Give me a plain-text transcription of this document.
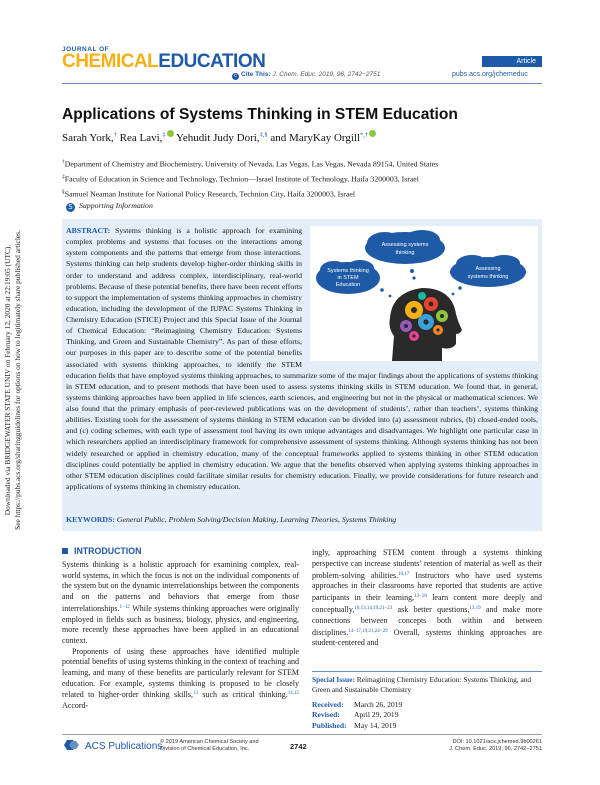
Downloaded via BRIDGEWATER STATE UNIV on February 12, 2020 at 22:19:05 (UTC). See https://pubs.acs.org/sharingguidelines for options on how to legitimately share published articles.
JOURNAL OF
CHEMICALEDUCATION
c Cite This: J. Chem. Educ. 2019, 96, 2742−2751
Article
pubs.acs.org/jchemeduc
Applications of Systems Thinking in STEM Education
Sarah York,† Rea Lavi,‡ Yehudit Judy Dori,‡,§ and MaryKay Orgill*,†
†Department of Chemistry and Biochemistry, University of Nevada, Las Vegas, Las Vegas, Nevada 89154, United States
‡Faculty of Education in Science and Technology, Technion—Israel Institute of Technology, Haifa 3200003, Israel
§Samuel Neaman Institute for National Policy Research, Technion City, Haifa 3200003, Israel
S Supporting Information
ABSTRACT: Systems thinking is a holistic approach for examining complex problems and systems that focuses on the interactions among system components and the patterns that emerge from those interactions. Systems thinking can help students develop higher-order thinking skills in order to understand and address complex, interdisciplinary, real-world problems. Because of these potential benefits, there have been recent efforts to support the implementation of systems thinking approaches in chemistry education, including the development of the IUPAC Systems Thinking in Chemistry Education (STICE) Project and this Special Issue of the Journal of Chemical Education: “Reimagining Chemistry Education: Systems Thinking, and Green and Sustainable Chemistry”. As part of these efforts, our purposes in this paper are to describe some of the potential benefits associated with systems thinking approaches, to identify the STEM education fields that have employed systems thinking approaches, to summarize some of the major findings about the applications of systems thinking in STEM education, and to present methods that have been used to assess systems thinking skills in STEM education. We found that, in general, systems thinking approaches have been applied in life sciences, earth sciences, and engineering but not in the physical or mathematical sciences. We also found that the primary emphasis of peer-reviewed publications was on the development of students’, rather than teachers’, systems thinking abilities. Existing tools for the assessment of systems thinking in STEM education can be divided into (a) assessment rubrics, (b) closed-ended tools, and (c) coding schemes, with each type of assessment tool having its own unique advantages and disadvantages. We highlight one particular case in which researchers applied an interdisciplinary framework for comprehensive assessment of systems thinking. Although systems thinking has not been widely researched or applied in chemistry education, many of the conceptual frameworks applied to systems thinking in other STEM education disciplines could potentially be applied in chemistry education. We argue that the benefits observed when applying systems thinking approaches in other STEM education disciplines could facilitate similar results for chemistry education. Finally, we provide considerations for future research and applications of systems thinking in chemistry education.
KEYWORDS: General Public, Problem Solving/Decision Making, Learning Theories, Systems Thinking
Assessing systems
thinking
Systems thinking
in STEM
Education
Assessing
systems thinking
INTRODUCTION

Systems thinking is a holistic approach for examining complex, real-world systems, in which the focus is not on the individual components of the system but on the dynamic interrelationships between the components and on the patterns and behaviors that emerge from those interrelationships.$^{1-12}$ While systems thinking approaches were originally employed in fields such as business, biology, physics, and engineering, more recently these approaches have been applied in an educational context.

Proponents of using these approaches have identified multiple potential benefits of using systems thinking in the context of teaching and learning, and many of these benefits are particularly relevant for STEM education. For example, systems thinking is proposed to be closely related to higher-order thinking skills,$^{13}$ such as critical thinking.$^{14,15}$ Accord-

ingly, approaching STEM content through a systems thinking perspective can increase students’ retention of material as well as their problem-solving abilities.$^{16,17}$ Instructors who have used systems approaches in their classrooms have reported that students are active participants in their learning,$^{13-20}$ learn content more deeply and conceptually,$^{10,13,14,19,21-23}$ ask better questions,$^{13,19}$ and make more connections between concepts both within and between disciplines.$^{14-17,19,21,24-29}$ Overall, systems thinking approaches are student-centered and
Special Issue: Reimagining Chemistry Education: Systems Thinking, and Green and Sustainable Chemistry
Received: March 26, 2019
Revised: April 29, 2019
Published: May 14, 2019
ACS Publications
© 2019 American Chemical Society and
Division of Chemical Education, Inc.	2742	DOI: 10.1021/acs.jchemed.9b00261
J. Chem. Educ. 2019, 96, 2742−2751
